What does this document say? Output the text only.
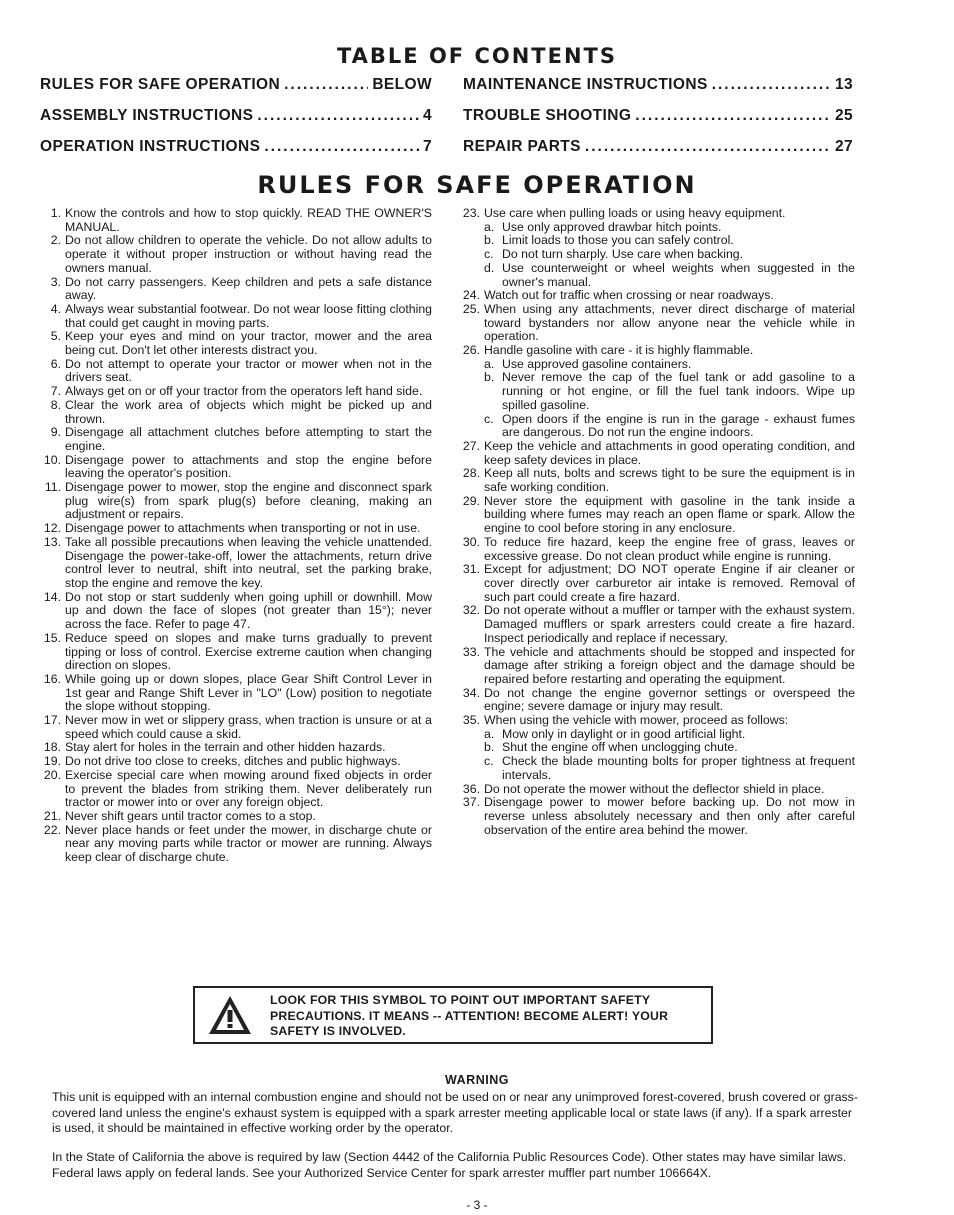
TABLE OF CONTENTS
RULES FOR SAFE OPERATION .....	BELOW
ASSEMBLY INSTRUCTIONS .....	4
OPERATION INSTRUCTIONS .....	7
MAINTENANCE INSTRUCTIONS .....	13
TROUBLE SHOOTING .....	25
REPAIR PARTS .....	27
RULES FOR SAFE OPERATION
1. Know the controls and how to stop quickly. READ THE OWNER'S MANUAL.
2. Do not allow children to operate the vehicle. Do not allow adults to operate it without proper instruction or without having read the owners manual.
3. Do not carry passengers. Keep children and pets a safe distance away.
4. Always wear substantial footwear. Do not wear loose fitting clothing that could get caught in moving parts.
5. Keep your eyes and mind on your tractor, mower and the area being cut. Don't let other interests distract you.
6. Do not attempt to operate your tractor or mower when not in the drivers seat.
7. Always get on or off your tractor from the operators left hand side.
8. Clear the work area of objects which might be picked up and thrown.
9. Disengage all attachment clutches before attempting to start the engine.
10. Disengage power to attachments and stop the engine before leaving the operator's position.
11. Disengage power to mower, stop the engine and disconnect spark plug wire(s) from spark plug(s) before cleaning, making an adjustment or repairs.
12. Disengage power to attachments when transporting or not in use.
13. Take all possible precautions when leaving the vehicle unattended. Disengage the power-take-off, lower the attachments, return drive control lever to neutral, shift into neutral, set the parking brake, stop the engine and remove the key.
14. Do not stop or start suddenly when going uphill or downhill. Mow up and down the face of slopes (not greater than 15°); never across the face. Refer to page 47.
15. Reduce speed on slopes and make turns gradually to prevent tipping or loss of control. Exercise extreme caution when changing direction on slopes.
16. While going up or down slopes, place Gear Shift Control Lever in 1st gear and Range Shift Lever in "LO" (Low) position to negotiate the slope without stopping.
17. Never mow in wet or slippery grass, when traction is unsure or at a speed which could cause a skid.
18. Stay alert for holes in the terrain and other hidden hazards.
19. Do not drive too close to creeks, ditches and public highways.
20. Exercise special care when mowing around fixed objects in order to prevent the blades from striking them. Never deliberately run tractor or mower into or over any foreign object.
21. Never shift gears until tractor comes to a stop.
22. Never place hands or feet under the mower, in discharge chute or near any moving parts while tractor or mower are running. Always keep clear of discharge chute.
23. Use care when pulling loads or using heavy equipment.
a. Use only approved drawbar hitch points.
b. Limit loads to those you can safely control.
c. Do not turn sharply. Use care when backing.
d. Use counterweight or wheel weights when suggested in the owner's manual.
24. Watch out for traffic when crossing or near roadways.
25. When using any attachments, never direct discharge of material toward bystanders nor allow anyone near the vehicle while in operation.
26. Handle gasoline with care - it is highly flammable.
a. Use approved gasoline containers.
b. Never remove the cap of the fuel tank or add gasoline to a running or hot engine, or fill the fuel tank indoors. Wipe up spilled gasoline.
c. Open doors if the engine is run in the garage - exhaust fumes are dangerous. Do not run the engine indoors.
27. Keep the vehicle and attachments in good operating condition, and keep safety devices in place.
28. Keep all nuts, bolts and screws tight to be sure the equipment is in safe working condition.
29. Never store the equipment with gasoline in the tank inside a building where fumes may reach an open flame or spark. Allow the engine to cool before storing in any enclosure.
30. To reduce fire hazard, keep the engine free of grass, leaves or excessive grease. Do not clean product while engine is running.
31. Except for adjustment; DO NOT operate Engine if air cleaner or cover directly over carburetor air intake is removed. Removal of such part could create a fire hazard.
32. Do not operate without a muffler or tamper with the exhaust system. Damaged mufflers or spark arresters could create a fire hazard. Inspect periodically and replace if necessary.
33. The vehicle and attachments should be stopped and inspected for damage after striking a foreign object and the damage should be repaired before restarting and operating the equipment.
34. Do not change the engine governor settings or overspeed the engine; severe damage or injury may result.
35. When using the vehicle with mower, proceed as follows:
a. Mow only in daylight or in good artificial light.
b. Shut the engine off when unclogging chute.
c. Check the blade mounting bolts for proper tightness at frequent intervals.
36. Do not operate the mower without the deflector shield in place.
37. Disengage power to mower before backing up. Do not mow in reverse unless absolutely necessary and then only after careful observation of the entire area behind the mower.
LOOK FOR THIS SYMBOL TO POINT OUT IMPORTANT SAFETY PRECAUTIONS. IT MEANS -- ATTENTION! BECOME ALERT! YOUR SAFETY IS INVOLVED.
WARNING
This unit is equipped with an internal combustion engine and should not be used on or near any unimproved forest-covered, brush covered or grass-covered land unless the engine's exhaust system is equipped with a spark arrester meeting applicable local or state laws (if any). If a spark arrester is used, it should be maintained in effective working order by the operator.
In the State of California the above is required by law (Section 4442 of the California Public Resources Code). Other states may have similar laws. Federal laws apply on federal lands. See your Authorized Service Center for spark arrester muffler part number 106664X.
- 3 -
